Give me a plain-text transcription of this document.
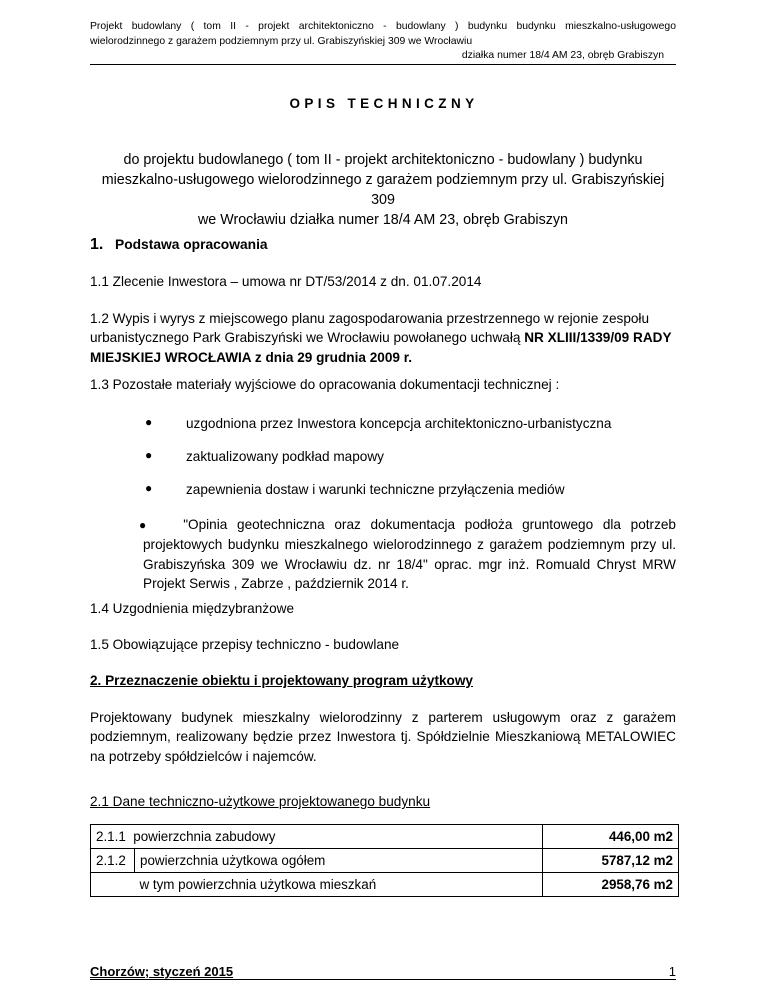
Projekt budowlany ( tom II - projekt architektoniczno - budowlany ) budynku budynku mieszkalno-usługowego
wielorodzinnego z garażem podziemnym przy ul. Grabiszyńskiej 309 we Wrocławiu
działka numer 18/4 AM 23, obręb Grabiszyn
OPIS TECHNICZNY
do projektu budowlanego ( tom II - projekt architektoniczno - budowlany ) budynku
mieszkalno-usługowego wielorodzinnego z garażem podziemnym przy ul. Grabiszyńskiej 309
we Wrocławiu działka numer 18/4 AM 23, obręb Grabiszyn
1. Podstawa opracowania
1.1 Zlecenie Inwestora – umowa nr DT/53/2014 z dn. 01.07.2014
1.2 Wypis i wyrys z miejscowego planu zagospodarowania przestrzennego w rejonie zespołu urbanistycznego Park Grabiszyński we Wrocławiu powołanego uchwałą NR XLIII/1339/09 RADY MIEJSKIEJ WROCŁAWIA z dnia 29 grudnia 2009 r.
1.3 Pozostałe materiały wyjściowe do opracowania dokumentacji technicznej :
● uzgodniona przez Inwestora koncepcja architektoniczno-urbanistyczna
● zaktualizowany podkład mapowy
● zapewnienia dostaw i warunki techniczne przyłączenia mediów
● "Opinia geotechniczna oraz dokumentacja podłoża gruntowego dla potrzeb projektowych budynku mieszkalnego wielorodzinnego z garażem podziemnym przy ul. Grabiszyńska 309 we Wrocławiu dz. nr 18/4" oprac. mgr inż. Romuald Chryst MRW Projekt Serwis , Zabrze , październik 2014 r.
1.4 Uzgodnienia międzybranżowe
1.5 Obowiązujące przepisy techniczno - budowlane
2. Przeznaczenie obiektu i projektowany program użytkowy
Projektowany budynek mieszkalny wielorodzinny z parterem usługowym oraz z garażem podziemnym, realizowany będzie przez Inwestora tj. Spółdzielnie Mieszkaniową METALOWIEC na potrzeby spółdzielców i najemców.
2.1 Dane techniczno-użytkowe projektowanego budynku
2.1.1 powierzchnia zabudowy		446,00 m2
2.1.2	powierzchnia użytkowa ogółem	5787,12 m2
	w tym powierzchnia użytkowa mieszkań	2958,76 m2
Chorzów; styczeń 2015	1
